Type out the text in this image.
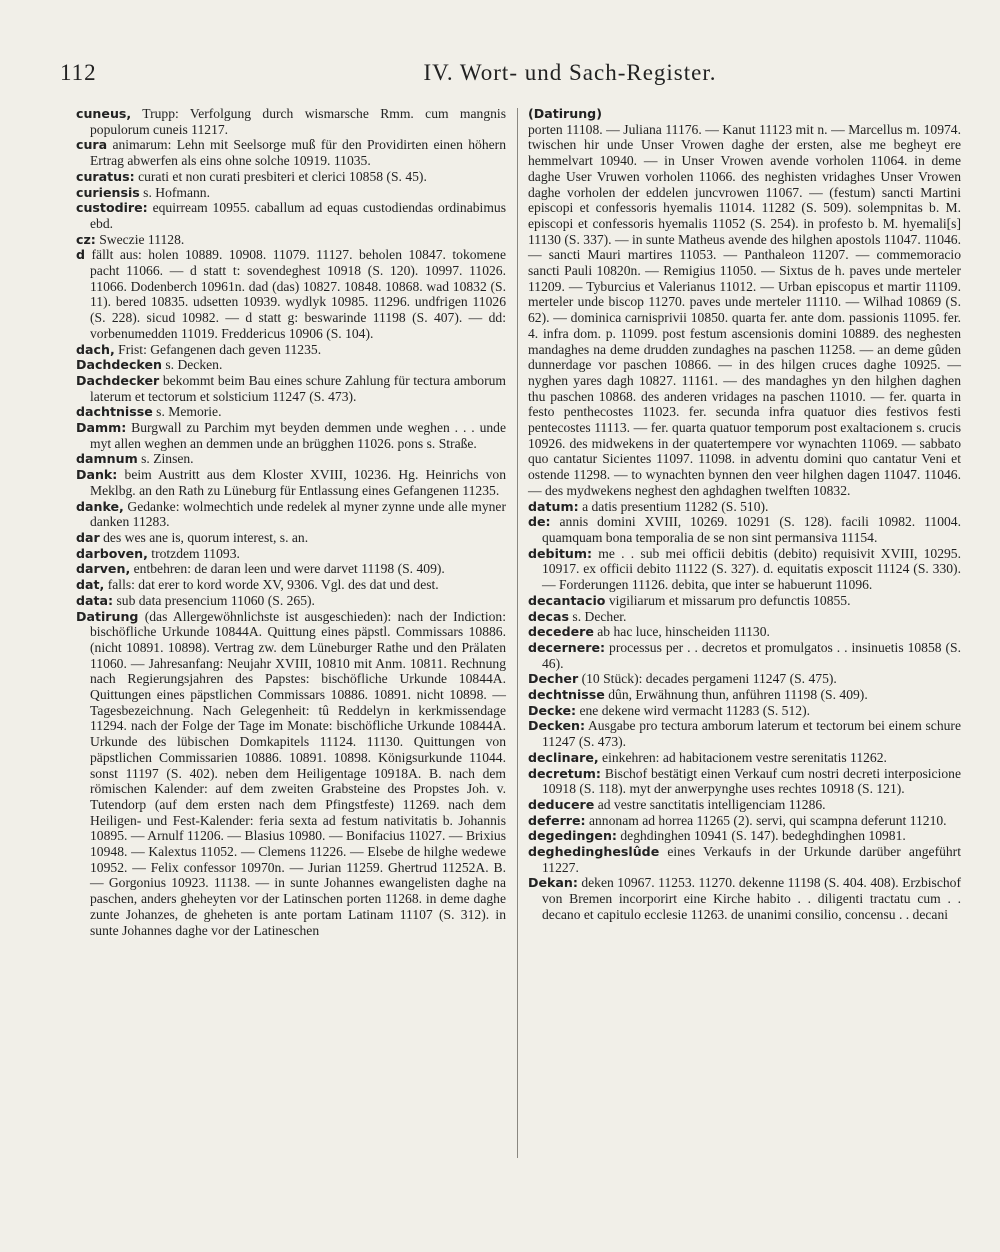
112	IV. Wort- und Sach-Register.

cuneus, Trupp: Verfolgung durch wismarsche Rmm. cum mangnis populorum cuneis 11217.

cura animarum: Lehn mit Seelsorge muß für den Providirten einen höhern Ertrag abwerfen als eins ohne solche 10919. 11035.

curatus: curati et non curati presbiteri et clerici 10858 (S. 45).

curiensis s. Hofmann.

custodire: equirream 10955. caballum ad equas custodiendas ordinabimus ebd.

cz: Sweczie 11128.

d fällt aus: holen 10889. 10908. 11079. 11127. beholen 10847. tokomene pacht 11066. — d statt t: sovendeghest 10918 (S. 120). 10997. 11026. 11066. Dodenberch 10961n. dad (das) 10827. 10848. 10868. wad 10832 (S. 11). bered 10835. udsetten 10939. wydlyk 10985. 11296. undfrigen 11026 (S. 228). sicud 10982. — d statt g: beswarinde 11198 (S. 407). — dd: vorbenumedden 11019. Freddericus 10906 (S. 104).

dach, Frist: Gefangenen dach geven 11235.

Dachdecken s. Decken.

Dachdecker bekommt beim Bau eines schure Zahlung für tectura amborum laterum et tectorum et solsticium 11247 (S. 473).

dachtnisse s. Memorie.

Damm: Burgwall zu Parchim myt beyden demmen unde weghen . . . unde myt allen weghen an demmen unde an brügghen 11026. pons s. Straße.

damnum s. Zinsen.

Dank: beim Austritt aus dem Kloster XVIII, 10236. Hg. Heinrichs von Meklbg. an den Rath zu Lüneburg für Entlassung eines Gefangenen 11235.

danke, Gedanke: wolmechtich unde redelek al myner zynne unde alle myner danken 11283.

dar des wes ane is, quorum interest, s. an.

darboven, trotzdem 11093.

darven, entbehren: de daran leen und were darvet 11198 (S. 409).

dat, falls: dat erer to kord worde XV, 9306. Vgl. des dat und dest.

data: sub data presencium 11060 (S. 265).

Datirung (das Allergewöhnlichste ist ausgeschieden): nach der Indiction: bischöfliche Urkunde 10844A. Quittung eines päpstl. Commissars 10886. (nicht 10891. 10898). Vertrag zw. dem Lüneburger Rathe und den Prälaten 11060. — Jahresanfang: Neujahr XVIII, 10810 mit Anm. 10811. Rechnung nach Regierungsjahren des Papstes: bischöfliche Urkunde 10844A. Quittungen eines päpstlichen Commissars 10886. 10891. nicht 10898. — Tagesbezeichnung. Nach Gelegenheit: tû Reddelyn in kerkmissendage 11294. nach der Folge der Tage im Monate: bischöfliche Urkunde 10844A. Urkunde des lübischen Domkapitels 11124. 11130. Quittungen von päpstlichen Commissarien 10886. 10891. 10898. Königsurkunde 11044. sonst 11197 (S. 402). neben dem Heiligentage 10918A. B. nach dem römischen Kalender: auf dem zweiten Grabsteine des Propstes Joh. v. Tutendorp (auf dem ersten nach dem Pfingstfeste) 11269. nach dem Heiligen- und Fest-Kalender: feria sexta ad festum nativitatis b. Johannis 10895. — Arnulf 11206. — Blasius 10980. — Bonifacius 11027. — Brixius 10948. — Kalextus 11052. — Clemens 11226. — Elsebe de hilghe wedewe 10952. — Felix confessor 10970n. — Jurian 11259. Ghertrud 11252A. B. — Gorgonius 10923. 11138. — in sunte Johannes ewangelisten daghe na paschen, anders gheheyten vor der Latinschen porten 11268. in deme daghe zunte Johanzes, de gheheten is ante portam Latinam 11107 (S. 312). in sunte Johannes daghe vor der Latineschen

(Datirung)

porten 11108. — Juliana 11176. — Kanut 11123 mit n. — Marcellus m. 10974. twischen hir unde Unser Vrowen daghe der ersten, alse me begheyt ere hemmelvart 10940. — in Unser Vrowen avende vorholen 11064. in deme daghe User Vruwen vorholen 11066. des neghisten vridaghes Unser Vrowen daghe vorholen der eddelen juncvrowen 11067. — (festum) sancti Martini episcopi et confessoris hyemalis 11014. 11282 (S. 509). solempnitas b. M. episcopi et confessoris hyemalis 11052 (S. 254). in profesto b. M. hyemali[s] 11130 (S. 337). — in sunte Matheus avende des hilghen apostols 11047. 11046. — sancti Mauri martires 11053. — Panthaleon 11207. — commemoracio sancti Pauli 10820n. — Remigius 11050. — Sixtus de h. paves unde merteler 11209. — Tyburcius et Valerianus 11012. — Urban episcopus et martir 11109. merteler unde biscop 11270. paves unde merteler 11110. — Wilhad 10869 (S. 62). — dominica carnisprivii 10850. quarta fer. ante dom. passionis 11095. fer. 4. infra dom. p. 11099. post festum ascensionis domini 10889. des neghesten mandaghes na deme drudden zundaghes na paschen 11258. — an deme gûden dunnerdage vor paschen 10866. — in des hilgen cruces daghe 10925. — nyghen yares dagh 10827. 11161. — des mandaghes yn den hilghen daghen thu paschen 10868. des anderen vridages na paschen 11010. — fer. quarta in festo penthecostes 11023. fer. secunda infra quatuor dies festivos festi pentecostes 11113. — fer. quarta quatuor temporum post exaltacionem s. crucis 10926. des midwekens in der quatertempere vor wynachten 11069. — sabbato quo cantatur Sicientes 11097. 11098. in adventu domini quo cantatur Veni et ostende 11298. — to wynachten bynnen den veer hilghen dagen 11047. 11046. — des mydwekens neghest den aghdaghen twelften 10832.

datum: a datis presentium 11282 (S. 510).

de: annis domini XVIII, 10269. 10291 (S. 128). facili 10982. 11004. quamquam bona temporalia de se non sint permansiva 11154.

debitum: me . . sub mei officii debitis (debito) requisivit XVIII, 10295. 10917. ex officii debito 11122 (S. 327). d. equitatis exposcit 11124 (S. 330). — Forderungen 11126. debita, que inter se habuerunt 11096.

decantacio vigiliarum et missarum pro defunctis 10855.

decas s. Decher.

decedere ab hac luce, hinscheiden 11130.

decernere: processus per . . decretos et promulgatos . . insinuetis 10858 (S. 46).

Decher (10 Stück): decades pergameni 11247 (S. 475).

dechtnisse dûn, Erwähnung thun, anführen 11198 (S. 409).

Decke: ene dekene wird vermacht 11283 (S. 512).

Decken: Ausgabe pro tectura amborum laterum et tectorum bei einem schure 11247 (S. 473).

declinare, einkehren: ad habitacionem vestre serenitatis 11262.

decretum: Bischof bestätigt einen Verkauf cum nostri decreti interposicione 10918 (S. 118). myt der anwerpynghe uses rechtes 10918 (S. 121).

deducere ad vestre sanctitatis intelligenciam 11286.

deferre: annonam ad horrea 11265 (2). servi, qui scampna deferunt 11210.

degedingen: deghdinghen 10941 (S. 147). bedeghdinghen 10981.

deghedingheslûde eines Verkaufs in der Urkunde darüber angeführt 11227.

Dekan: deken 10967. 11253. 11270. dekenne 11198 (S. 404. 408). Erzbischof von Bremen incorporirt eine Kirche habito . . diligenti tractatu cum . . decano et capitulo ecclesie 11263. de unanimi consilio, concensu . . decani
